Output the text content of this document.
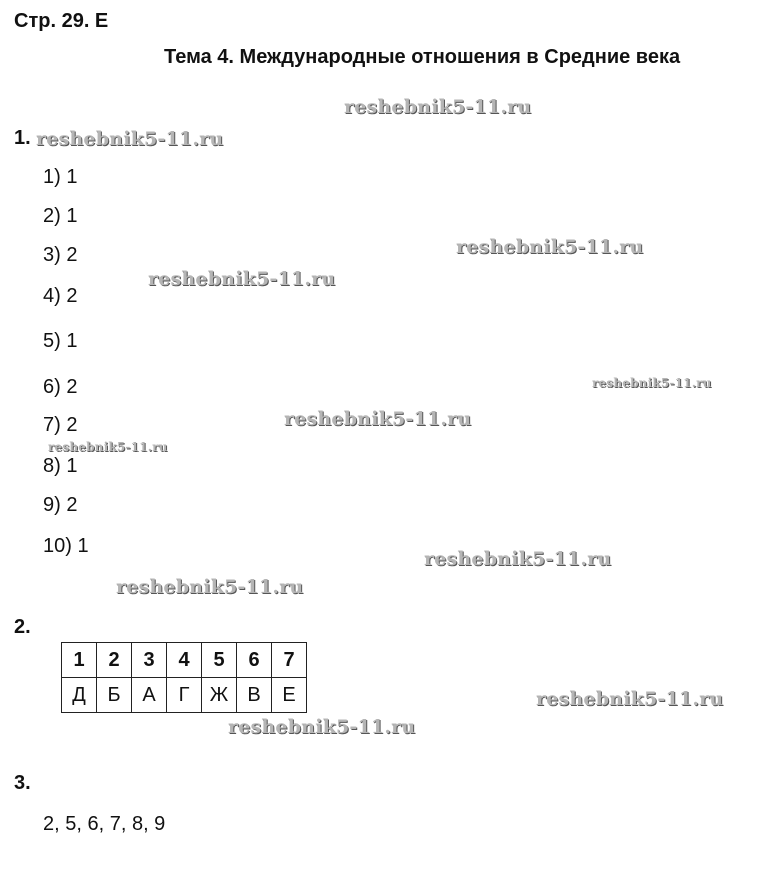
Стр. 29. Е
Тема 4. Международные отношения в Средние века
1.
1) 1
2) 1
3) 2
4) 2
5) 1
6) 2
7) 2
8) 1
9) 2
10) 1
2.
1	2	3	4	5	6	7
Д	Б	А	Г	Ж	В	Е
3.
2, 5, 6, 7, 8, 9
reshebnik5-11.ru
reshebnik5-11.ru
reshebnik5-11.ru
reshebnik5-11.ru
reshebnik5-11.ru
reshebnik5-11.ru
reshebnik5-11.ru
reshebnik5-11.ru
reshebnik5-11.ru
reshebnik5-11.ru
reshebnik5-11.ru
